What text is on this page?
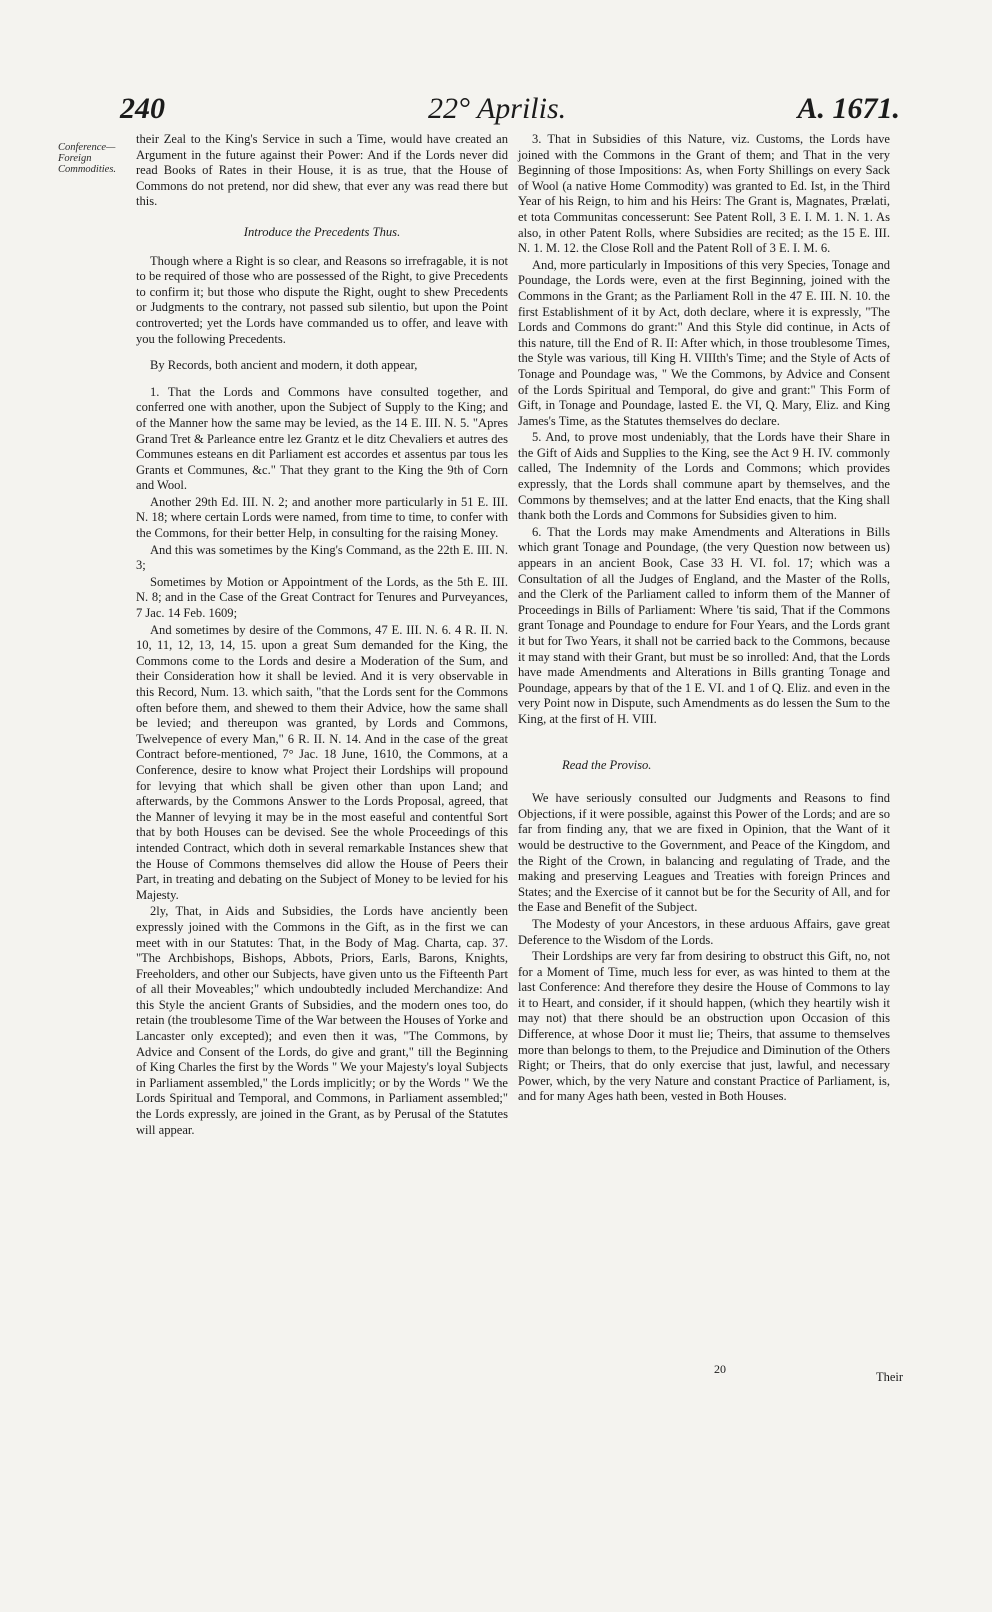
240	22° Aprilis.	A. 1671.
Conference—Foreign Commodities.

their Zeal to the King's Service in such a Time, would have created an Argument in the future against their Power: And if the Lords never did read Books of Rates in their House, it is as true, that the House of Commons do not pretend, nor did shew, that ever any was read there but this.

Introduce the Precedents Thus.

Though where a Right is so clear, and Reasons so irrefragable, it is not to be required of those who are possessed of the Right, to give Precedents to confirm it; but those who dispute the Right, ought to shew Precedents or Judgments to the contrary, not passed sub silentio, but upon the Point controverted; yet the Lords have commanded us to offer, and leave with you the following Precedents.

By Records, both ancient and modern, it doth appear,

1. That the Lords and Commons have consulted together, and conferred one with another, upon the Subject of Supply to the King; and of the Manner how the same may be levied, as the 14 E. III. N. 5. "Apres Grand Tret & Parleance entre lez Grantz et le ditz Chevaliers et autres des Communes esteans en dit Parliament est accordes et assentus par tous les Grants et Communes, &c." That they grant to the King the 9th of Corn and Wool.

Another 29th Ed. III. N. 2; and another more particularly in 51 E. III. N. 18; where certain Lords were named, from time to time, to confer with the Commons, for their better Help, in consulting for the raising Money.

And this was sometimes by the King's Command, as the 22th E. III. N. 3;

Sometimes by Motion or Appointment of the Lords, as the 5th E. III. N. 8; and in the Case of the Great Contract for Tenures and Purveyances, 7 Jac. 14 Feb. 1609;

And sometimes by desire of the Commons, 47 E. III. N. 6. 4 R. II. N. 10, 11, 12, 13, 14, 15. upon a great Sum demanded for the King, the Commons come to the Lords and desire a Moderation of the Sum, and their Consideration how it shall be levied. And it is very observable in this Record, Num. 13. which saith, "that the Lords sent for the Commons often before them, and shewed to them their Advice, how the same shall be levied; and thereupon was granted, by Lords and Commons, Twelvepence of every Man," 6 R. II. N. 14. And in the case of the great Contract before-mentioned, 7° Jac. 18 June, 1610, the Commons, at a Conference, desire to know what Project their Lordships will propound for levying that which shall be given other than upon Land; and afterwards, by the Commons Answer to the Lords Proposal, agreed, that the Manner of levying it may be in the most easeful and contentful Sort that by both Houses can be devised. See the whole Proceedings of this intended Contract, which doth in several remarkable Instances shew that the House of Commons themselves did allow the House of Peers their Part, in treating and debating on the Subject of Money to be levied for his Majesty.

2ly, That, in Aids and Subsidies, the Lords have anciently been expressly joined with the Commons in the Gift, as in the first we can meet with in our Statutes: That, in the Body of Mag. Charta, cap. 37. "The Archbishops, Bishops, Abbots, Priors, Earls, Barons, Knights, Freeholders, and other our Subjects, have given unto us the Fifteenth Part of all their Moveables;" which undoubtedly included Merchandize: And this Style the ancient Grants of Subsidies, and the modern ones too, do retain (the troublesome Time of the War between the Houses of Yorke and Lancaster only excepted); and even then it was, "The Commons, by Advice and Consent of the Lords, do give and grant," till the Beginning of King Charles the first by the Words " We your Majesty's loyal Subjects in Parliament assembled," the Lords implicitly; or by the Words " We the Lords Spiritual and Temporal, and Commons, in Parliament assembled;" the Lords expressly, are joined in the Grant, as by Perusal of the Statutes will appear.

3. That in Subsidies of this Nature, viz. Customs, the Lords have joined with the Commons in the Grant of them; and That in the very Beginning of those Impositions: As, when Forty Shillings on every Sack of Wool (a native Home Commodity) was granted to Ed. Ist, in the Third Year of his Reign, to him and his Heirs: The Grant is, Magnates, Prælati, et tota Communitas concesserunt: See Patent Roll, 3 E. I. M. 1. N. 1. As also, in other Patent Rolls, where Subsidies are recited; as the 15 E. III. N. 1. M. 12. the Close Roll and the Patent Roll of 3 E. I. M. 6.

And, more particularly in Impositions of this very Species, Tonage and Poundage, the Lords were, even at the first Beginning, joined with the Commons in the Grant; as the Parliament Roll in the 47 E. III. N. 10. the first Establishment of it by Act, doth declare, where it is expressly, "The Lords and Commons do grant:" And this Style did continue, in Acts of this nature, till the End of R. II: After which, in those troublesome Times, the Style was various, till King H. VIIIth's Time; and the Style of Acts of Tonage and Poundage was, " We the Commons, by Advice and Consent of the Lords Spiritual and Temporal, do give and grant:" This Form of Gift, in Tonage and Poundage, lasted E. the VI, Q. Mary, Eliz. and King James's Time, as the Statutes themselves do declare.

5. And, to prove most undeniably, that the Lords have their Share in the Gift of Aids and Supplies to the King, see the Act 9 H. IV. commonly called, The Indemnity of the Lords and Commons; which provides expressly, that the Lords shall commune apart by themselves, and the Commons by themselves; and at the latter End enacts, that the King shall thank both the Lords and Commons for Subsidies given to him.

6. That the Lords may make Amendments and Alterations in Bills which grant Tonage and Poundage, (the very Question now between us) appears in an ancient Book, Case 33 H. VI. fol. 17; which was a Consultation of all the Judges of England, and the Master of the Rolls, and the Clerk of the Parliament called to inform them of the Manner of Proceedings in Bills of Parliament: Where 'tis said, That if the Commons grant Tonage and Poundage to endure for Four Years, and the Lords grant it but for Two Years, it shall not be carried back to the Commons, because it may stand with their Grant, but must be so inrolled: And, that the Lords have made Amendments and Alterations in Bills granting Tonage and Poundage, appears by that of the 1 E. VI. and 1 of Q. Eliz. and even in the very Point now in Dispute, such Amendments as do lessen the Sum to the King, at the first of H. VIII.

Read the Proviso.

We have seriously consulted our Judgments and Reasons to find Objections, if it were possible, against this Power of the Lords; and are so far from finding any, that we are fixed in Opinion, that the Want of it would be destructive to the Government, and Peace of the Kingdom, and the Right of the Crown, in balancing and regulating of Trade, and the making and preserving Leagues and Treaties with foreign Princes and States; and the Exercise of it cannot but be for the Security of All, and for the Ease and Benefit of the Subject.

The Modesty of your Ancestors, in these arduous Affairs, gave great Deference to the Wisdom of the Lords.

Their Lordships are very far from desiring to obstruct this Gift, no, not for a Moment of Time, much less for ever, as was hinted to them at the last Conference: And therefore they desire the House of Commons to lay it to Heart, and consider, if it should happen, (which they heartily wish it may not) that there should be an obstruction upon Occasion of this Difference, at whose Door it must lie; Theirs, that assume to themselves more than belongs to them, to the Prejudice and Diminution of the Others Right; or Theirs, that do only exercise that just, lawful, and necessary Power, which, by the very Nature and constant Practice of Parliament, is, and for many Ages hath been, vested in Both Houses.

20
Their
